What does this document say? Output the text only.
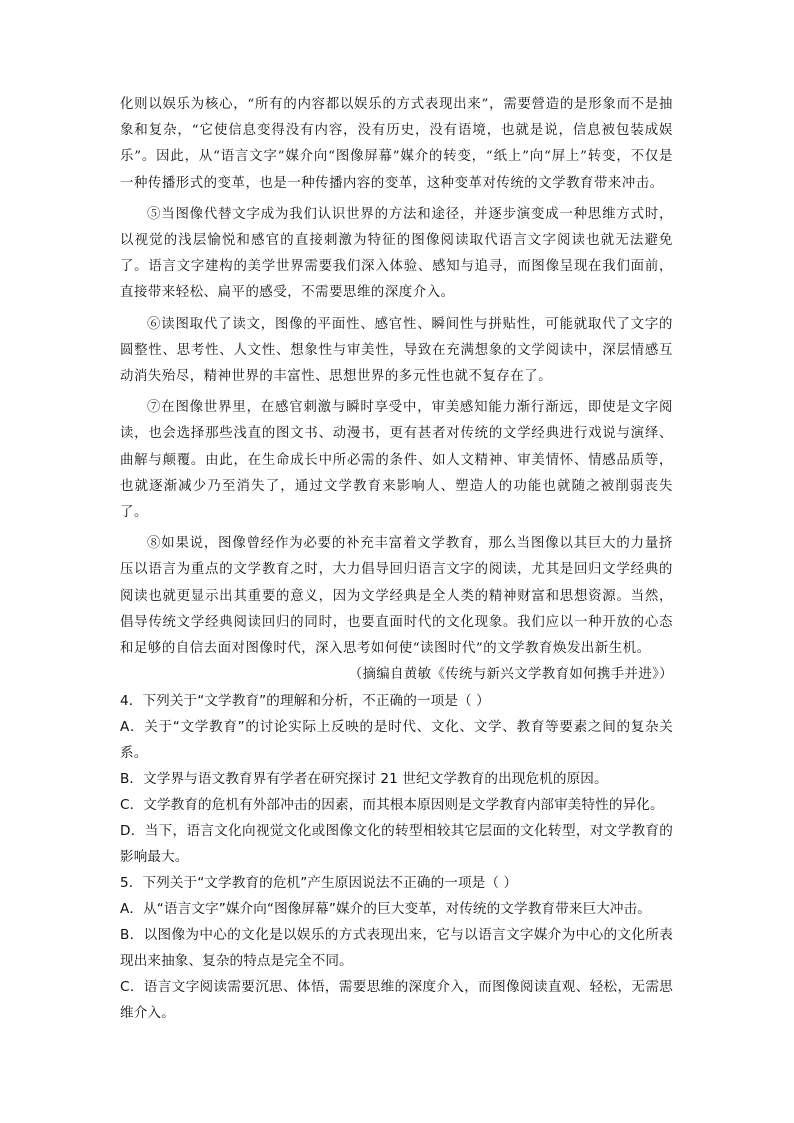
化则以娱乐为核心，“所有的内容都以娱乐的方式表现出来”，需要營造的是形象而不是抽象和复杂，“它使信息变得没有内容，没有历史，没有语境，也就是说，信息被包装成娱乐”。因此，从“语言文字”媒介向“图像屏幕”媒介的转变，“纸上”向“屏上”转变，不仅是一种传播形式的变革，也是一种传播内容的变革，这种变革对传统的文学教育带来冲击。

⑤当图像代替文字成为我们认识世界的方法和途径，并逐步演变成一种思维方式时，以视觉的浅层愉悦和感官的直接刺激为特征的图像阅读取代语言文字阅读也就无法避免了。语言文字建构的美学世界需要我们深入体验、感知与追寻，而图像呈现在我们面前，直接带来轻松、扁平的感受，不需要思维的深度介入。

⑥读图取代了读文，图像的平面性、感官性、瞬间性与拼贴性，可能就取代了文字的圆整性、思考性、人文性、想象性与审美性，导致在充满想象的文学阅读中，深层情感互动消失殆尽，精神世界的丰富性、思想世界的多元性也就不复存在了。

⑦在图像世界里，在感官刺激与瞬时享受中，审美感知能力渐行渐远，即使是文字阅读，也会选择那些浅直的图文书、动漫书，更有甚者对传统的文学经典进行戏说与演绎、曲解与颠覆。由此，在生命成长中所必需的条件、如人文精神、审美情怀、情感品质等，也就逐渐减少乃至消失了，通过文学教育来影响人、塑造人的功能也就随之被削弱丧失了。

⑧如果说，图像曾经作为必要的补充丰富着文学教育，那么当图像以其巨大的力量挤压以语言为重点的文学教育之时，大力倡导回归语言文字的阅读，尤其是回归文学经典的阅读也就更显示出其重要的意义，因为文学经典是全人类的精神财富和思想资源。当然，倡导传统文学经典阅读回归的同时，也要直面时代的文化现象。我们应以一种开放的心态和足够的自信去面对图像时代，深入思考如何使“读图时代”的文学教育焕发出新生机。

（摘编自黄敏《传统与新兴文学教育如何携手并进》）

4．下列关于“文学教育”的理解和分析，不正确的一项是（ ）

A．关于“文学教育”的讨论实际上反映的是时代、文化、文学、教育等要素之间的复杂关系。

B．文学界与语文教育界有学者在研究探讨 21 世纪文学教育的出现危机的原因。

C．文学教育的危机有外部冲击的因素，而其根本原因则是文学教育内部审美特性的异化。

D．当下，语言文化向视觉文化或图像文化的转型相较其它层面的文化转型，对文学教育的影响最大。

5．下列关于“文学教育的危机”产生原因说法不正确的一项是（ ）

A．从“语言文字”媒介向“图像屏幕”媒介的巨大变革，对传统的文学教育带来巨大冲击。

B．以图像为中心的文化是以娱乐的方式表现出来，它与以语言文字媒介为中心的文化所表现出来抽象、复杂的特点是完全不同。

C．语言文字阅读需要沉思、体悟，需要思维的深度介入，而图像阅读直观、轻松，无需思维介入。
